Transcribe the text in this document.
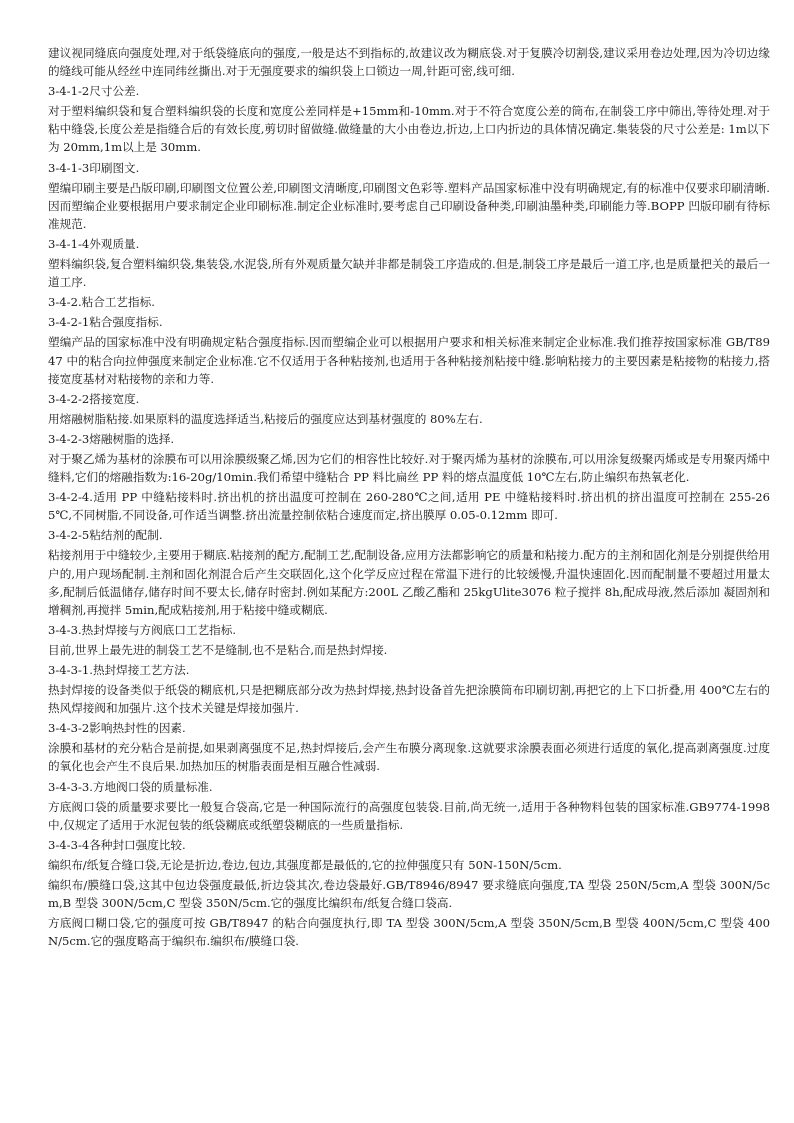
建议视同缝底向强度处理,对于纸袋缝底向的强度,一般是达不到指标的,故建议改为糊底袋.对于复膜冷切割袋,建议采用卷边处理,因为冷切边缘的缝线可能从经丝中连同纬丝撕出.对于无强度要求的编织袋上口锁边一周,针距可密,线可细.
3-4-1-2尺寸公差.
对于塑料编织袋和复合塑料编织袋的长度和宽度公差同样是+15mm和-10mm.对于不符合宽度公差的筒布,在制袋工序中筛出,等待处理.对于粘中缝袋,长度公差是指缝合后的有效长度,剪切时留做缝.做缝量的大小由卷边,折边,上口内折边的具体情况确定.集装袋的尺寸公差是: 1m以下为 20mm,1m以上是 30mm.
3-4-1-3印刷图文.
塑编印刷主要是凸版印刷,印刷图文位置公差,印刷图文清晰度,印刷图文色彩等.塑料产品国家标准中没有明确规定,有的标准中仅要求印刷清晰.因而塑编企业要根据用户要求制定企业印刷标准.制定企业标准时,要考虑自己印刷设备种类,印刷油墨种类,印刷能力等.BOPP 凹版印刷有待标准规范.
3-4-1-4外观质量.
塑料编织袋,复合塑料编织袋,集装袋,水泥袋,所有外观质量欠缺并非都是制袋工序造成的.但是,制袋工序是最后一道工序,也是质量把关的最后一道工序.
3-4-2.粘合工艺指标.
3-4-2-1粘合强度指标.
塑编产品的国家标准中没有明确规定粘合强度指标.因而塑编企业可以根据用户要求和相关标准来制定企业标准.我们推荐按国家标准 GB/T8947 中的粘合向拉伸强度来制定企业标准.它不仅适用于各种粘接剂,也适用于各种粘接剂粘接中缝.影响粘接力的主要因素是粘接物的粘接力,搭接宽度基材对粘接物的亲和力等.
3-4-2-2搭接宽度.
用熔融树脂粘接.如果原料的温度选择适当,粘接后的强度应达到基材强度的 80%左右.
3-4-2-3熔融树脂的选择.
对于聚乙烯为基材的涂膜布可以用涂膜级聚乙烯,因为它们的相容性比较好.对于聚丙烯为基材的涂膜布,可以用涂复级聚丙烯或是专用聚丙烯中缝料,它们的熔融指数为:16-20g/10min.我们希望中缝粘合 PP 料比扁丝 PP 料的熔点温度低 10℃左右,防止编织布热氧老化.
3-4-2-4.适用 PP 中缝粘接料时.挤出机的挤出温度可控制在 260-280℃之间,适用 PE 中缝粘接料时.挤出机的挤出温度可控制在 255-265℃,不同树脂,不同设备,可作适当调整.挤出流量控制依粘合速度而定,挤出膜厚 0.05-0.12mm 即可.
3-4-2-5粘结剂的配制.
粘接剂用于中缝较少,主要用于糊底.粘接剂的配方,配制工艺,配制设备,应用方法都影响它的质量和粘接力.配方的主剂和固化剂是分别提供给用户的,用户现场配制.主剂和固化剂混合后产生交联固化,这个化学反应过程在常温下进行的比较缓慢,升温快速固化.因而配制量不要超过用量太多,配制后低温储存,储存时间不要太长,储存时密封.例如某配方:200L 乙酸乙酯和 25kgUlite3076 粒子搅拌 8h,配成母液,然后添加 凝固剂和增稠剂,再搅拌 5min,配成粘接剂,用于粘接中缝或糊底.
3-4-3.热封焊接与方阀底口工艺指标.
目前,世界上最先进的制袋工艺不是缝制,也不是粘合,而是热封焊接.
3-4-3-1.热封焊接工艺方法.
热封焊接的设备类似于纸袋的糊底机,只是把糊底部分改为热封焊接,热封设备首先把涂膜筒布印刷切割,再把它的上下口折叠,用 400℃左右的热风焊接阀和加强片.这个技术关键是焊接加强片.
3-4-3-2影响热封性的因素.
涂膜和基材的充分粘合是前提,如果剥离强度不足,热封焊接后,会产生布膜分离现象.这就要求涂膜表面必须进行适度的氧化,提高剥离强度.过度的氧化也会产生不良后果.加热加压的树脂表面是相互融合性减弱.
3-4-3-3.方地阀口袋的质量标准.
方底阀口袋的质量要求要比一般复合袋高,它是一种国际流行的高强度包装袋.目前,尚无统一,适用于各种物料包装的国家标准.GB9774-1998 中,仅规定了适用于水泥包装的纸袋糊底或纸塑袋糊底的一些质量指标.
3-4-3-4各种封口强度比较.
编织布/纸复合缝口袋,无论是折边,卷边,包边,其强度都是最低的,它的拉伸强度只有 50N-150N/5cm.
编织布/膜缝口袋,这其中包边袋强度最低,折边袋其次,卷边袋最好.GB/T8946/8947 要求缝底向强度,TA 型袋 250N/5cm,A 型袋 300N/5cm,B 型袋 300N/5cm,C 型袋 350N/5cm.它的强度比编织布/纸复合缝口袋高.
方底阀口糊口袋,它的强度可按 GB/T8947 的粘合向强度执行,即 TA 型袋 300N/5cm,A 型袋 350N/5cm,B 型袋 400N/5cm,C 型袋 400N/5cm.它的强度略高于编织布.编织布/膜缝口袋.
